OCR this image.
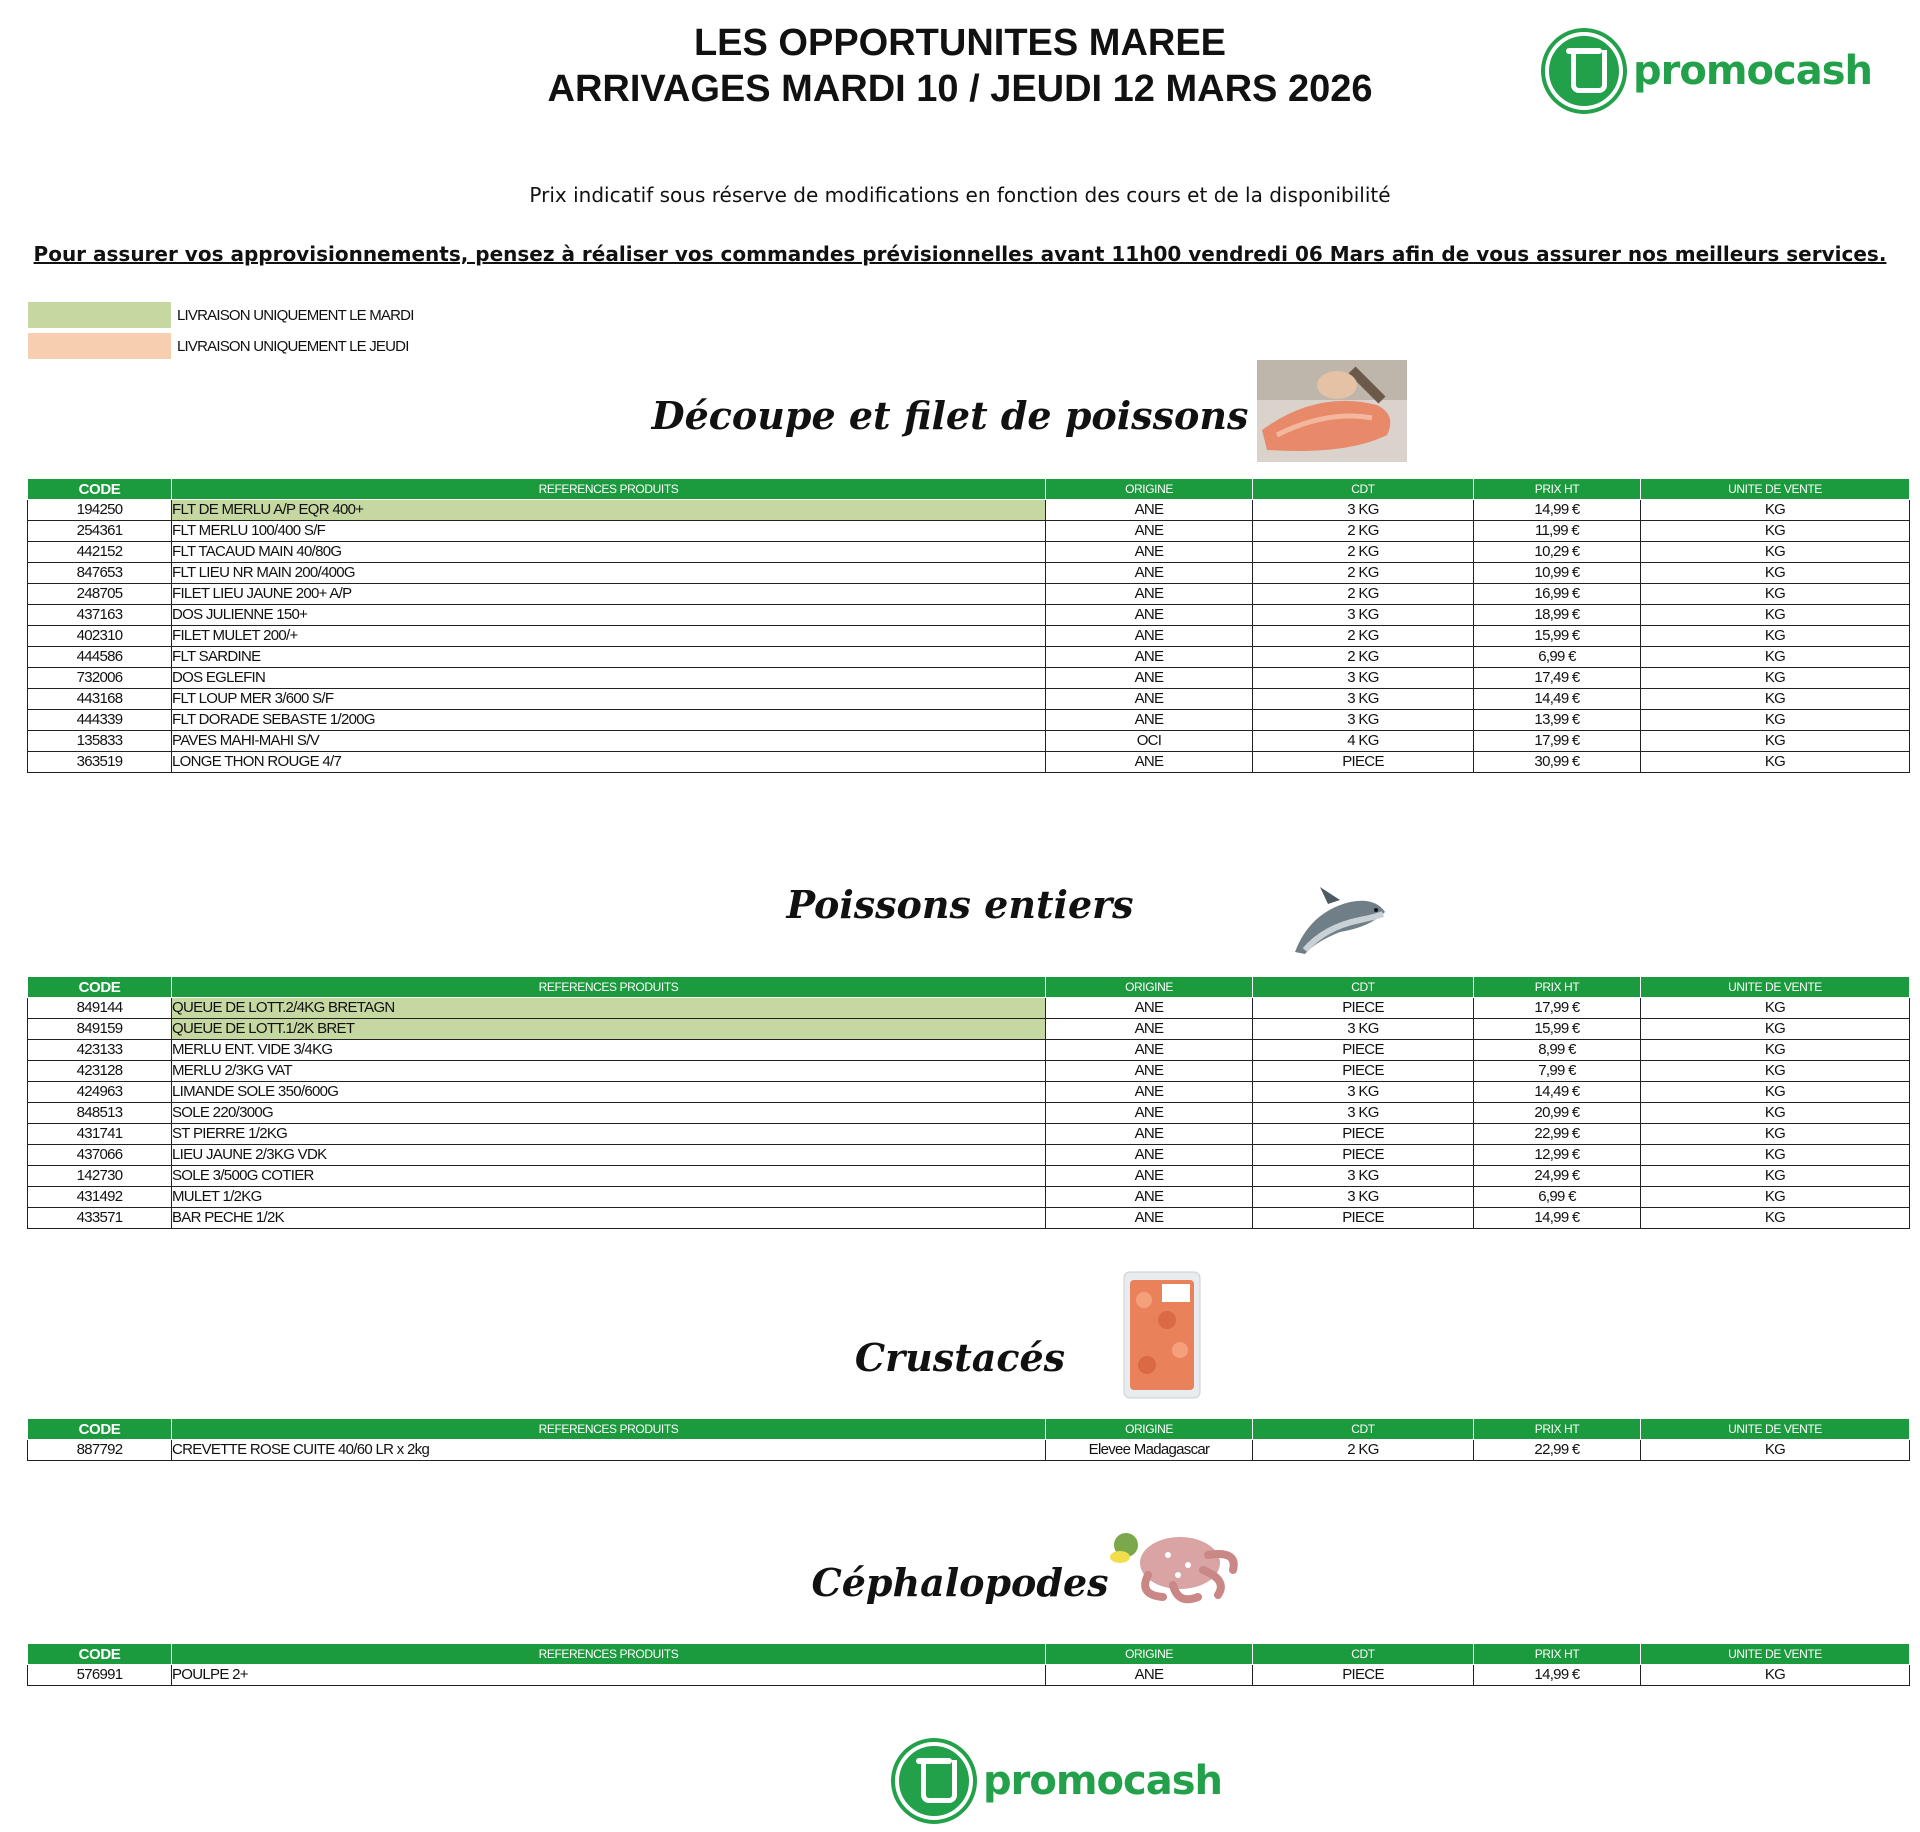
LES OPPORTUNITES MAREE
ARRIVAGES MARDI 10 / JEUDI 12 MARS 2026	promocash
Prix indicatif sous réserve de modifications en fonction des cours et de la disponibilité
Pour assurer vos approvisionnements, pensez à réaliser vos commandes prévisionnelles avant 11h00 vendredi 06 Mars afin de vous assurer nos meilleurs services.
LIVRAISON UNIQUEMENT LE MARDI
LIVRAISON UNIQUEMENT LE JEUDI
Découpe et filet de poissons
Poissons entiers
Crustacés
Céphalopodes
CODE	REFERENCES PRODUITS	ORIGINE	CDT	PRIX HT	UNITE DE VENTE
194250	FLT DE MERLU A/P EQR 400+	ANE	3 KG	14,99 €	KG
254361	FLT MERLU 100/400 S/F	ANE	2 KG	11,99 €	KG
442152	FLT TACAUD MAIN 40/80G	ANE	2 KG	10,29 €	KG
847653	FLT LIEU NR MAIN 200/400G	ANE	2 KG	10,99 €	KG
248705	FILET LIEU JAUNE 200+ A/P	ANE	2 KG	16,99 €	KG
437163	DOS JULIENNE 150+	ANE	3 KG	18,99 €	KG
402310	FILET MULET 200/+	ANE	2 KG	15,99 €	KG
444586	FLT SARDINE	ANE	2 KG	6,99 €	KG
732006	DOS EGLEFIN	ANE	3 KG	17,49 €	KG
443168	FLT LOUP MER 3/600 S/F	ANE	3 KG	14,49 €	KG
444339	FLT DORADE SEBASTE 1/200G	ANE	3 KG	13,99 €	KG
135833	PAVES MAHI-MAHI S/V	OCI	4 KG	17,99 €	KG
363519	LONGE THON ROUGE 4/7	ANE	PIECE	30,99 €	KG
CODE	REFERENCES PRODUITS	ORIGINE	CDT	PRIX HT	UNITE DE VENTE
849144	QUEUE DE LOTT.2/4KG BRETAGN	ANE	PIECE	17,99 €	KG
849159	QUEUE DE LOTT.1/2K BRET	ANE	3 KG	15,99 €	KG
423133	MERLU ENT. VIDE 3/4KG	ANE	PIECE	8,99 €	KG
423128	MERLU 2/3KG VAT	ANE	PIECE	7,99 €	KG
424963	LIMANDE SOLE 350/600G	ANE	3 KG	14,49 €	KG
848513	SOLE 220/300G	ANE	3 KG	20,99 €	KG
431741	ST PIERRE 1/2KG	ANE	PIECE	22,99 €	KG
437066	LIEU JAUNE 2/3KG VDK	ANE	PIECE	12,99 €	KG
142730	SOLE 3/500G COTIER	ANE	3 KG	24,99 €	KG
431492	MULET 1/2KG	ANE	3 KG	6,99 €	KG
433571	BAR PECHE 1/2K	ANE	PIECE	14,99 €	KG
CODE	REFERENCES PRODUITS	ORIGINE	CDT	PRIX HT	UNITE DE VENTE
887792	CREVETTE ROSE CUITE 40/60 LR x 2kg	Elevee Madagascar	2 KG	22,99 €	KG
CODE	REFERENCES PRODUITS	ORIGINE	CDT	PRIX HT	UNITE DE VENTE
576991	POULPE 2+	ANE	PIECE	14,99 €	KG
promocash
